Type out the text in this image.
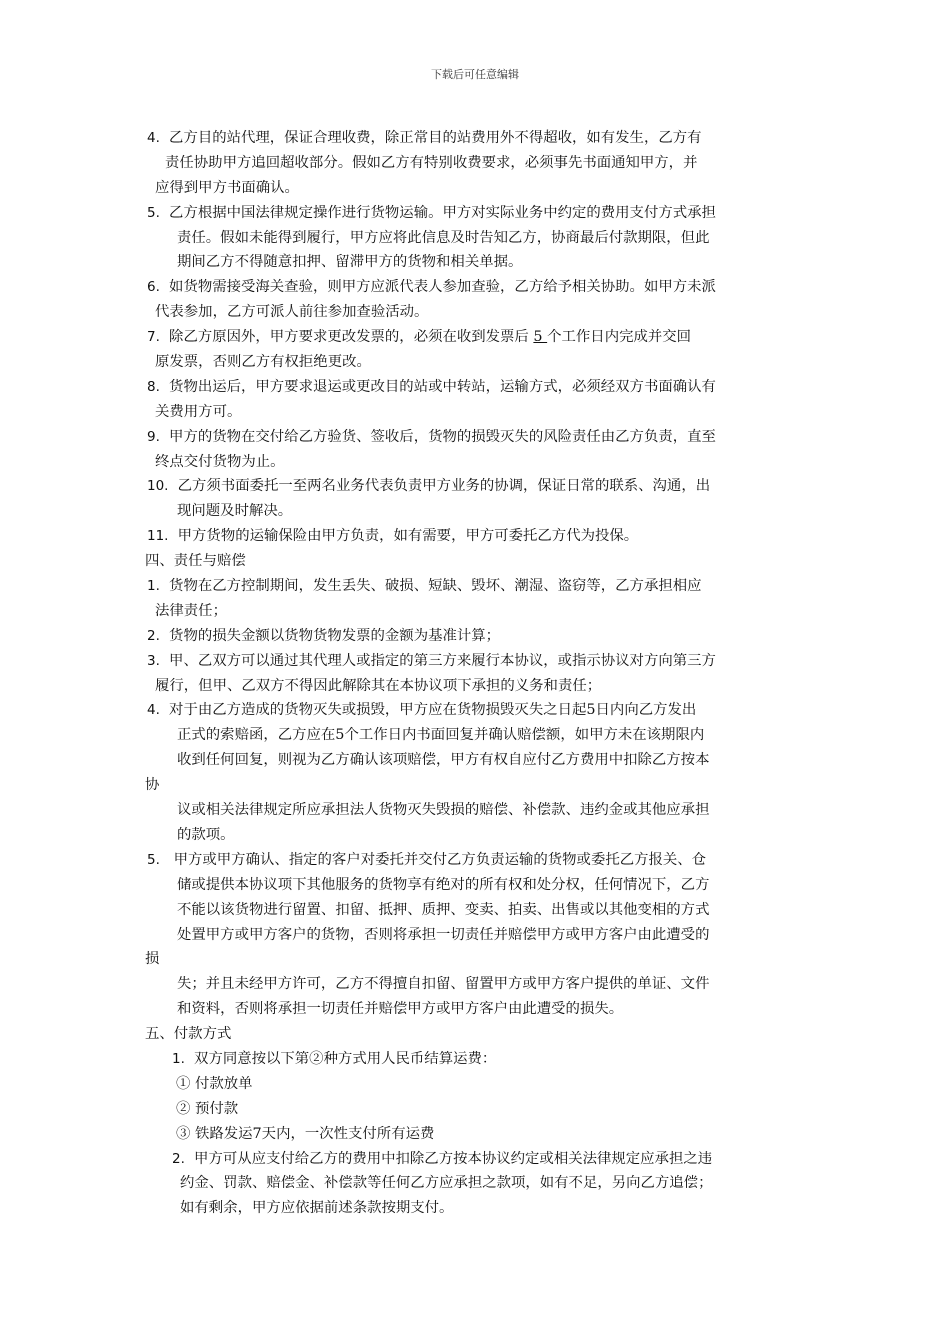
下载后可任意编辑
4. 乙方目的站代理，保证合理收费，除正常目的站费用外不得超收，如有发生，乙方有
责任协助甲方追回超收部分。假如乙方有特别收费要求，必须事先书面通知甲方，并
应得到甲方书面确认。
5. 乙方根据中国法律规定操作进行货物运输。甲方对实际业务中约定的费用支付方式承担
责任。假如未能得到履行，甲方应将此信息及时告知乙方，协商最后付款期限，但此
期间乙方不得随意扣押、留滞甲方的货物和相关单据。
6. 如货物需接受海关查验，则甲方应派代表人参加查验，乙方给予相关协助。如甲方未派
代表参加，乙方可派人前往参加查验活动。
7. 除乙方原因外，甲方要求更改发票的，必须在收到发票后 5 个工作日内完成并交回
原发票，否则乙方有权拒绝更改。
8. 货物出运后，甲方要求退运或更改目的站或中转站，运输方式，必须经双方书面确认有
关费用方可。
9. 甲方的货物在交付给乙方验货、签收后，货物的损毁灭失的风险责任由乙方负责，直至
终点交付货物为止。
10. 乙方须书面委托一至两名业务代表负责甲方业务的协调，保证日常的联系、沟通，出
现问题及时解决。
11. 甲方货物的运输保险由甲方负责，如有需要，甲方可委托乙方代为投保。
四、责任与赔偿
1. 货物在乙方控制期间，发生丢失、破损、短缺、毁坏、潮湿、盗窃等，乙方承担相应
法律责任；
2. 货物的损失金额以货物货物发票的金额为基准计算；
3. 甲、乙双方可以通过其代理人或指定的第三方来履行本协议，或指示协议对方向第三方
履行，但甲、乙双方不得因此解除其在本协议项下承担的义务和责任；
4. 对于由乙方造成的货物灭失或损毁，甲方应在货物损毁灭失之日起5日内向乙方发出
正式的索赔函，乙方应在5个工作日内书面回复并确认赔偿额，如甲方未在该期限内
收到任何回复，则视为乙方确认该项赔偿，甲方有权自应付乙方费用中扣除乙方按本
协
议或相关法律规定所应承担法人货物灭失毁损的赔偿、补偿款、违约金或其他应承担
的款项。
5.   甲方或甲方确认、指定的客户对委托并交付乙方负责运输的货物或委托乙方报关、仓
储或提供本协议项下其他服务的货物享有绝对的所有权和处分权，任何情况下，乙方
不能以该货物进行留置、扣留、抵押、质押、变卖、拍卖、出售或以其他变相的方式
处置甲方或甲方客户的货物，否则将承担一切责任并赔偿甲方或甲方客户由此遭受的
损
失；并且未经甲方许可，乙方不得擅自扣留、留置甲方或甲方客户提供的单证、文件
和资料，否则将承担一切责任并赔偿甲方或甲方客户由此遭受的损失。
五、付款方式
1. 双方同意按以下第②种方式用人民币结算运费：
① 付款放单
② 预付款
③ 铁路发运7天内，一次性支付所有运费
2. 甲方可从应支付给乙方的费用中扣除乙方按本协议约定或相关法律规定应承担之违
约金、罚款、赔偿金、补偿款等任何乙方应承担之款项，如有不足，另向乙方追偿；
如有剩余，甲方应依据前述条款按期支付。
